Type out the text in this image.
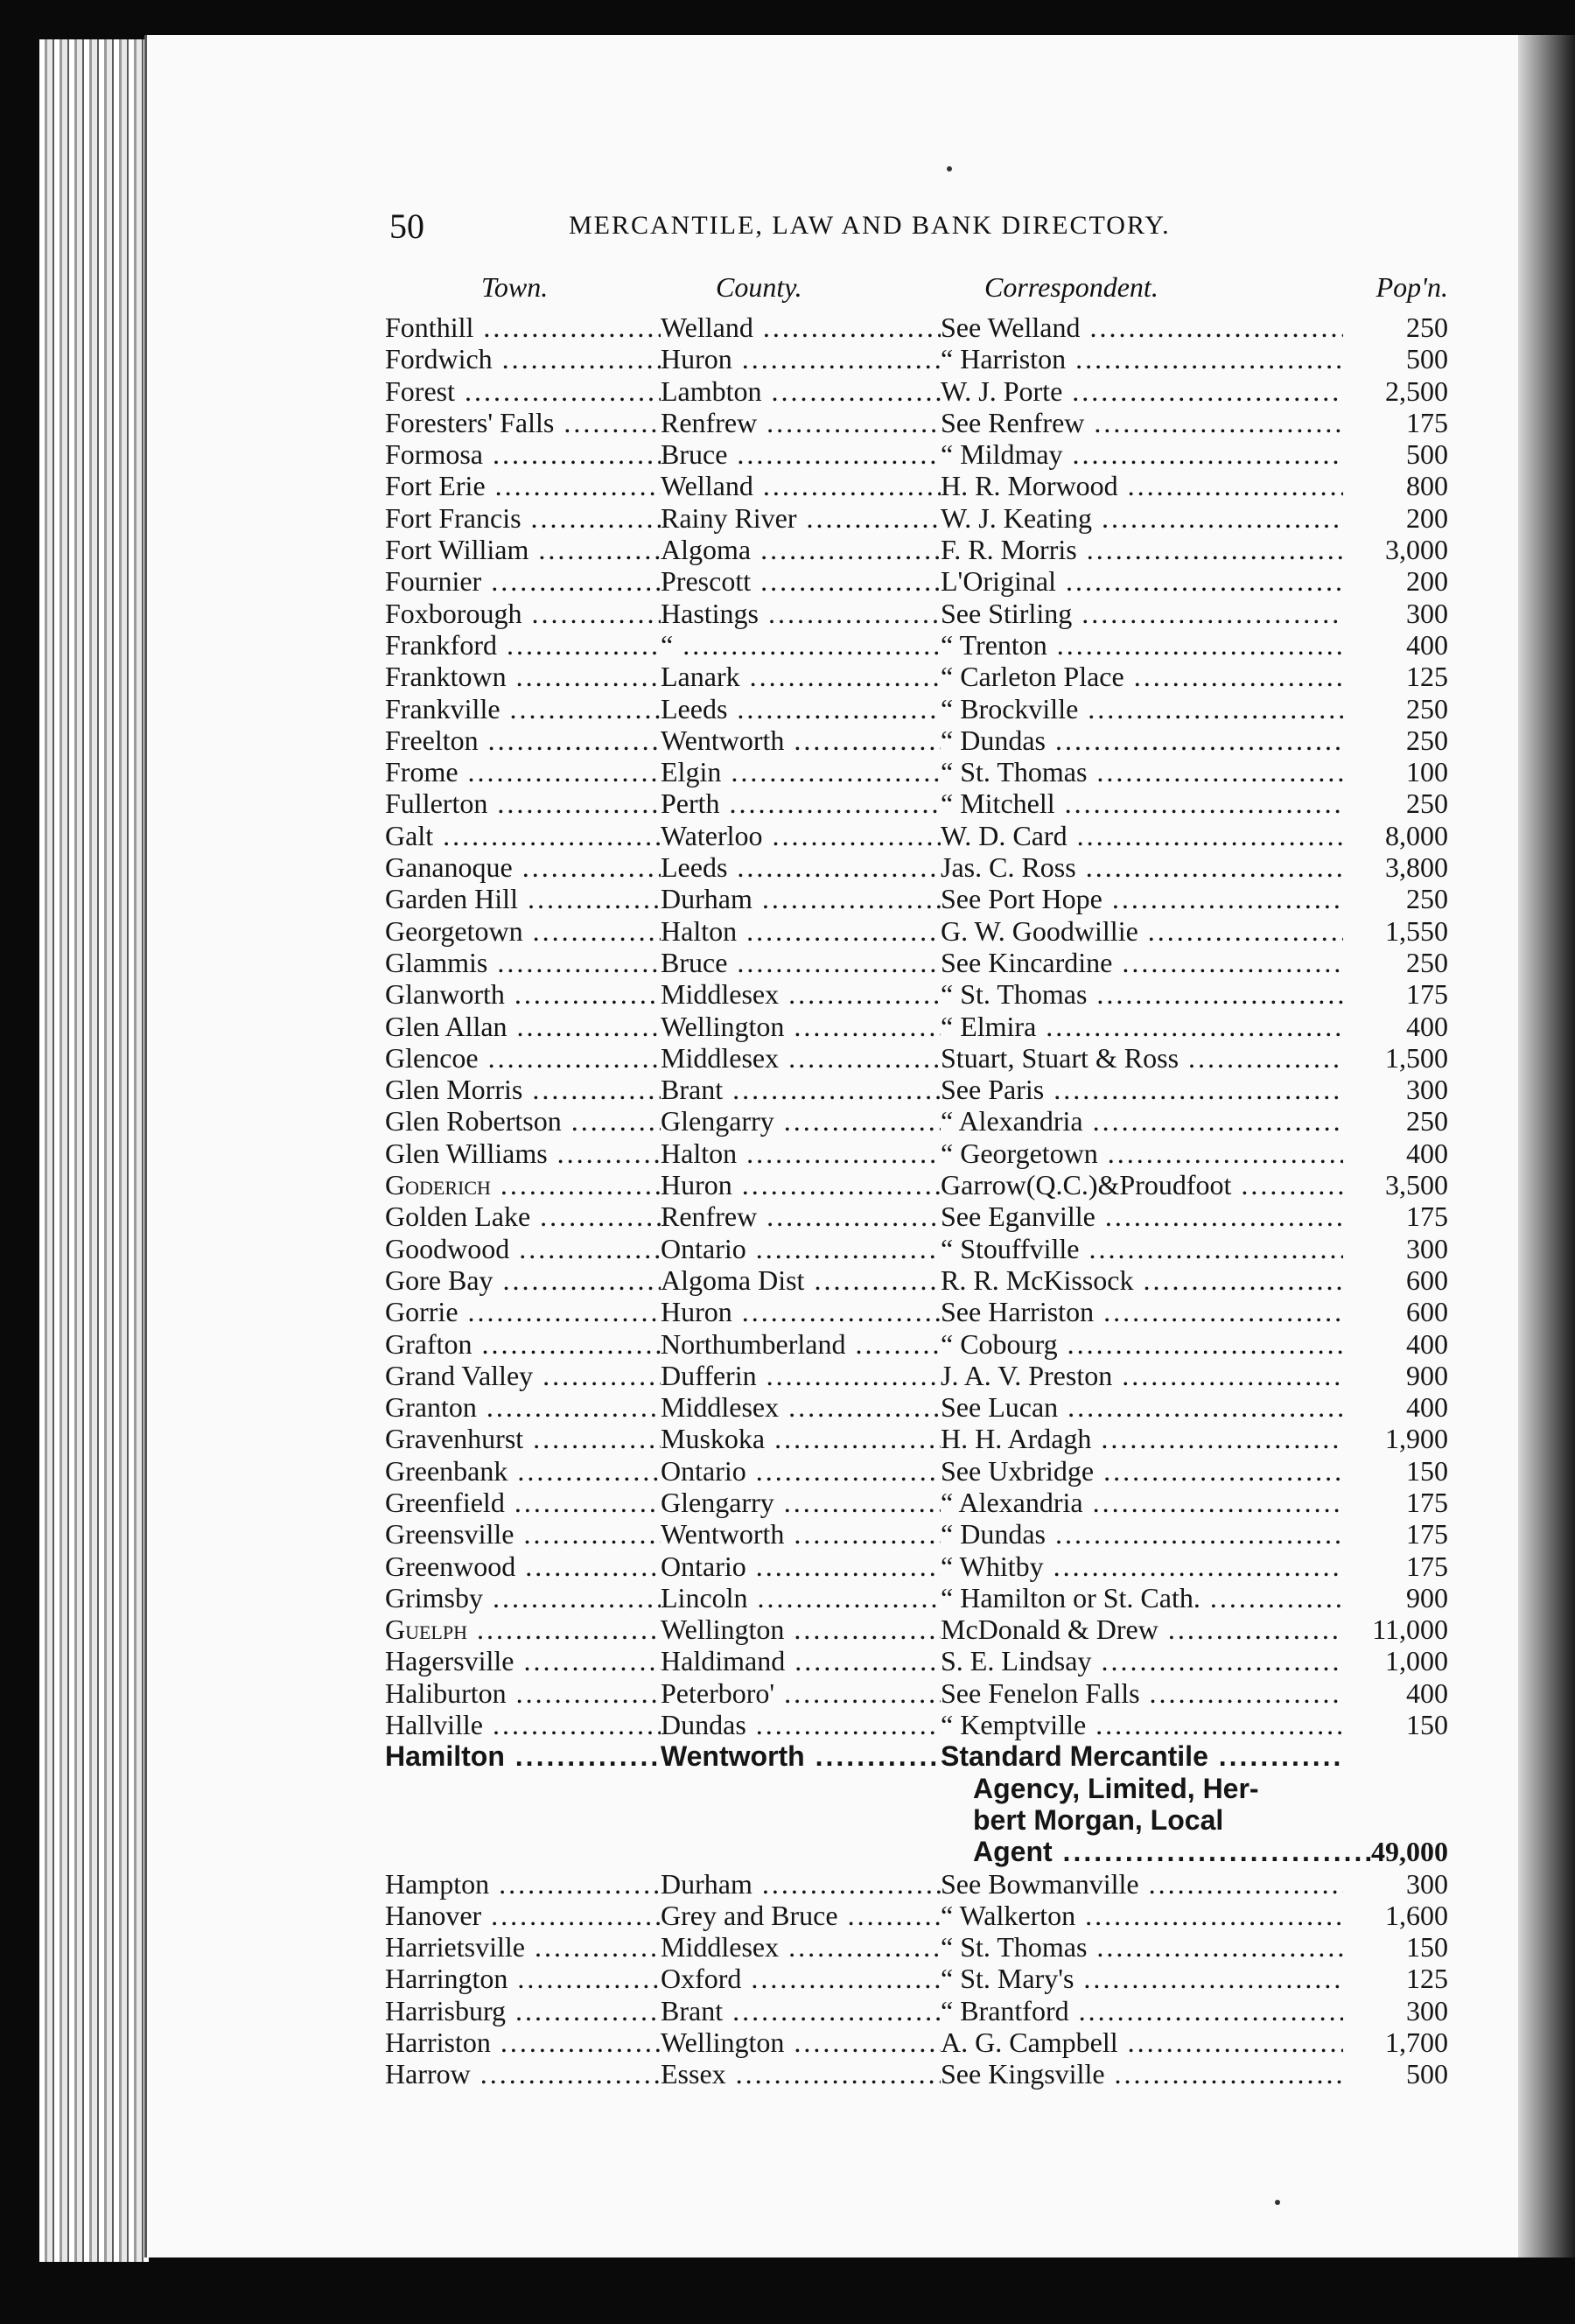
50	MERCANTILE, LAW AND BANK DIRECTORY.
Town.	County.	Correspondent.	Pop'n.
Fonthill .....	Welland .....	See Welland .....	250
Fordwich .....	Huron .....	“ Harriston .....	500
Forest .....	Lambton .....	W. J. Porte .....	2,500
Foresters' Falls .....	Renfrew .....	See Renfrew .....	175
Formosa .....	Bruce .....	“ Mildmay .....	500
Fort Erie .....	Welland .....	H. R. Morwood .....	800
Fort Francis .....	Rainy River .....	W. J. Keating .....	200
Fort William .....	Algoma .....	F. R. Morris .....	3,000
Fournier .....	Prescott .....	L'Original .....	200
Foxborough .....	Hastings .....	See Stirling .....	300
Frankford .....	“ .....	“ Trenton .....	400
Franktown .....	Lanark .....	“ Carleton Place .....	125
Frankville .....	Leeds .....	“ Brockville .....	250
Freelton .....	Wentworth .....	“ Dundas .....	250
Frome .....	Elgin .....	“ St. Thomas .....	100
Fullerton .....	Perth .....	“ Mitchell .....	250
Galt .....	Waterloo .....	W. D. Card .....	8,000
Gananoque .....	Leeds .....	Jas. C. Ross .....	3,800
Garden Hill .....	Durham .....	See Port Hope .....	250
Georgetown .....	Halton .....	G. W. Goodwillie .....	1,550
Glammis .....	Bruce .....	See Kincardine .....	250
Glanworth .....	Middlesex .....	“ St. Thomas .....	175
Glen Allan .....	Wellington .....	“ Elmira .....	400
Glencoe .....	Middlesex .....	Stuart, Stuart & Ross .....	1,500
Glen Morris .....	Brant .....	See Paris .....	300
Glen Robertson .....	Glengarry .....	“ Alexandria .....	250
Glen Williams .....	Halton .....	“ Georgetown .....	400
Goderich .....	Huron .....	Garrow(Q.C.)&Proudfoot .....	3,500
Golden Lake .....	Renfrew .....	See Eganville .....	175
Goodwood .....	Ontario .....	“ Stouffville .....	300
Gore Bay .....	Algoma Dist .....	R. R. McKissock .....	600
Gorrie .....	Huron .....	See Harriston .....	600
Grafton .....	Northumberland .....	“ Cobourg .....	400
Grand Valley .....	Dufferin .....	J. A. V. Preston .....	900
Granton .....	Middlesex .....	See Lucan .....	400
Gravenhurst .....	Muskoka .....	H. H. Ardagh .....	1,900
Greenbank .....	Ontario .....	See Uxbridge .....	150
Greenfield .....	Glengarry .....	“ Alexandria .....	175
Greensville .....	Wentworth .....	“ Dundas .....	175
Greenwood .....	Ontario .....	“ Whitby .....	175
Grimsby .....	Lincoln .....	“ Hamilton or St. Cath. .....	900
Guelph .....	Wellington .....	McDonald & Drew .....	11,000
Hagersville .....	Haldimand .....	S. E. Lindsay .....	1,000
Haliburton .....	Peterboro' .....	See Fenelon Falls .....	400
Hallville .....	Dundas .....	“ Kemptville .....	150
Hamilton .....	Wentworth .....	Standard Mercantile .....
Agency, Limited, Her-
bert Morgan, Local
Agent .....	49,000
Hampton .....	Durham .....	See Bowmanville .....	300
Hanover .....	Grey and Bruce .....	“ Walkerton .....	1,600
Harrietsville .....	Middlesex .....	“ St. Thomas .....	150
Harrington .....	Oxford .....	“ St. Mary's .....	125
Harrisburg .....	Brant .....	“ Brantford .....	300
Harriston .....	Wellington .....	A. G. Campbell .....	1,700
Harrow .....	Essex .....	See Kingsville .....	500
